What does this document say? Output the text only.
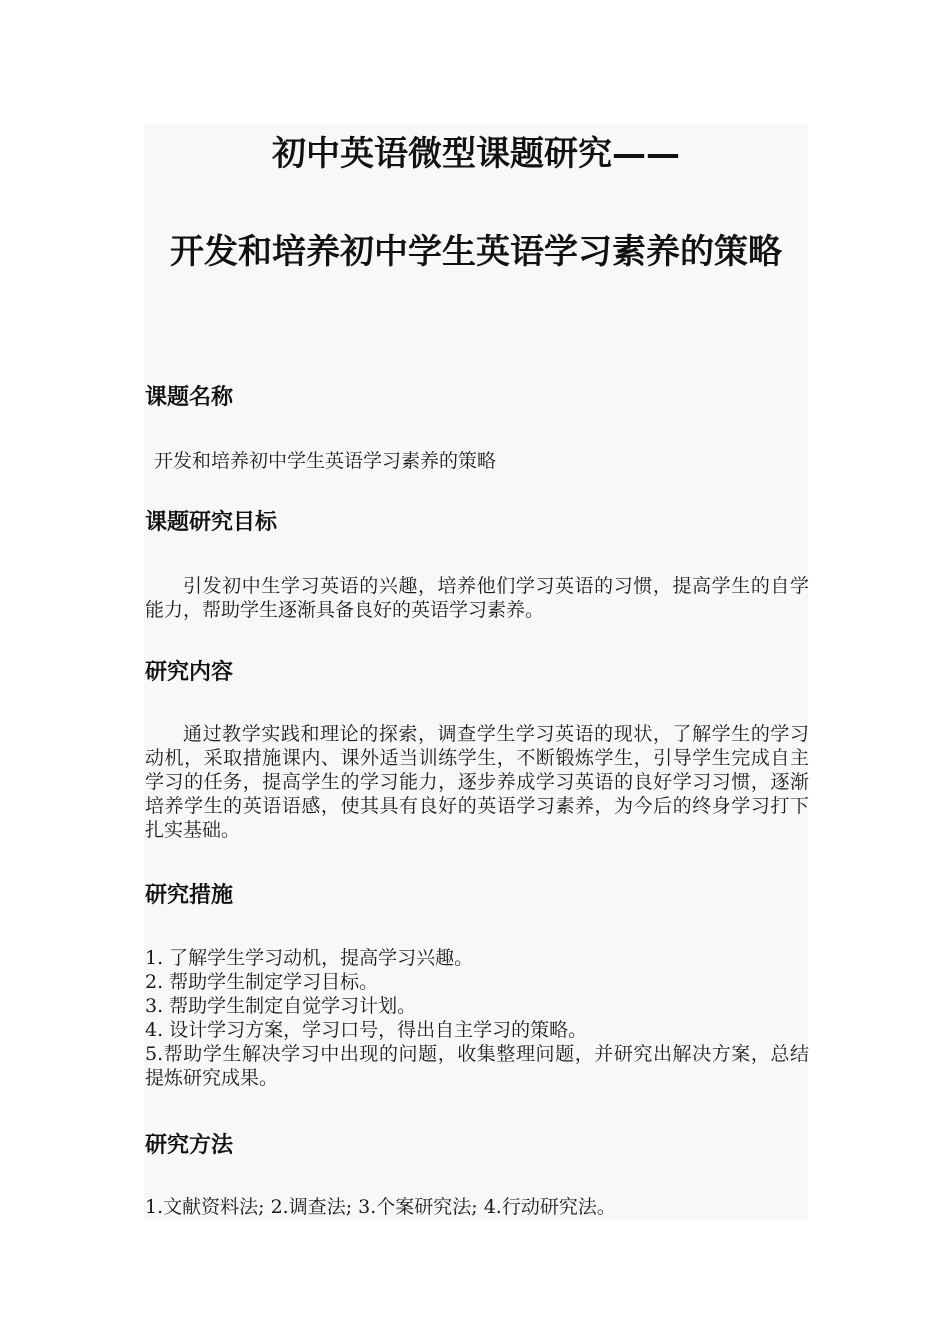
初中英语微型课题研究——
开发和培养初中学生英语学习素养的策略
课题名称
开发和培养初中学生英语学习素养的策略
课题研究目标
引发初中生学习英语的兴趣，培养他们学习英语的习惯，提高学生的自学能力，帮助学生逐渐具备良好的英语学习素养。
研究内容
通过教学实践和理论的探索，调查学生学习英语的现状，了解学生的学习动机，采取措施课内、课外适当训练学生，不断锻炼学生，引导学生完成自主学习的任务，提高学生的学习能力，逐步养成学习英语的良好学习习惯，逐渐培养学生的英语语感，使其具有良好的英语学习素养，为今后的终身学习打下扎实基础。
研究措施
1. 了解学生学习动机，提高学习兴趣。
2. 帮助学生制定学习目标。
3. 帮助学生制定自觉学习计划。
4. 设计学习方案，学习口号，得出自主学习的策略。
5.帮助学生解决学习中出现的问题，收集整理问题，并研究出解决方案，总结提炼研究成果。
研究方法
1.文献资料法; 2.调查法; 3.个案研究法; 4.行动研究法。
